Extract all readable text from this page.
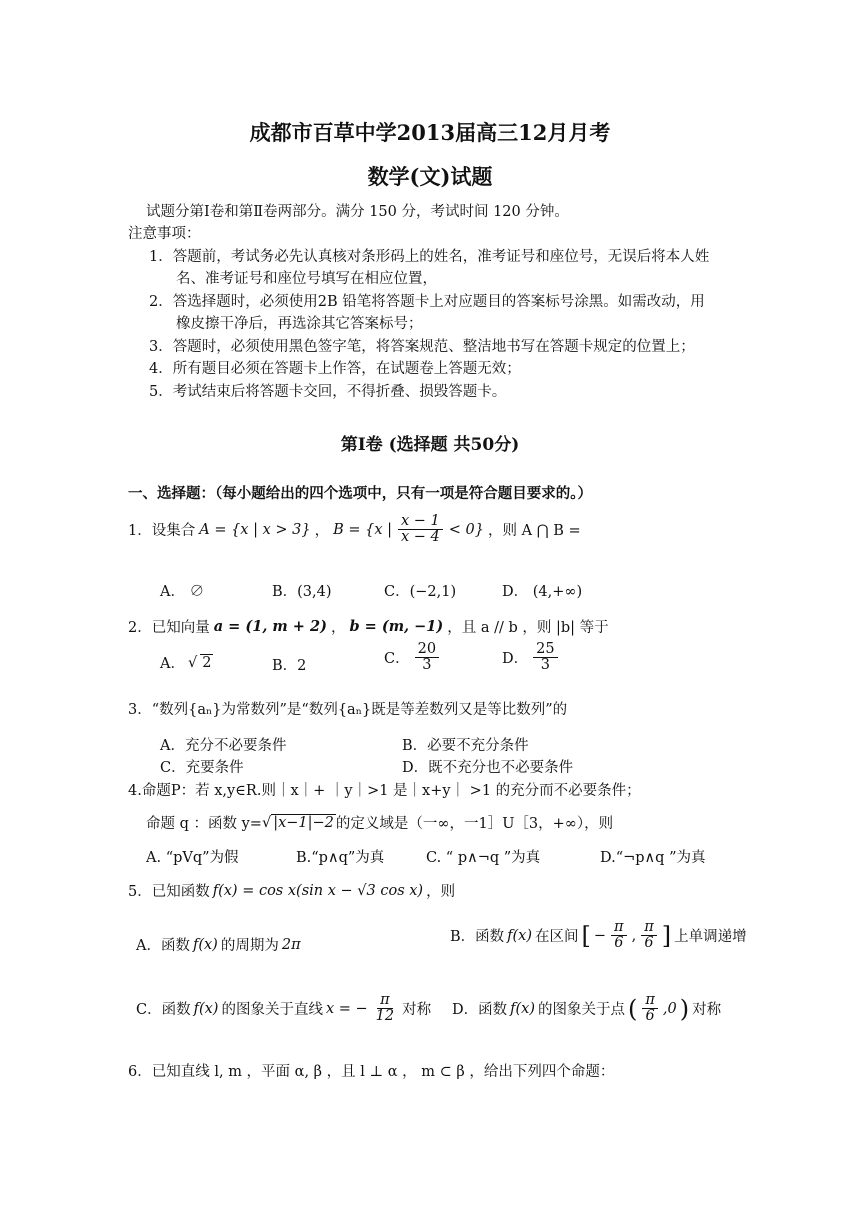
成都市百草中学2013届高三12月月考
数学(文)试题
试题分第Ⅰ卷和第Ⅱ卷两部分。满分 150 分，考试时间 120 分钟。
注意事项：
1．答题前，考试务必先认真核对条形码上的姓名，准考证号和座位号，无误后将本人姓
名、准考证号和座位号填写在相应位置，
2．答选择题时，必须使用2B 铅笔将答题卡上对应题目的答案标号涂黑。如需改动，用
橡皮擦干净后，再选涂其它答案标号；
3．答题时，必须使用黑色签字笔，将答案规范、整洁地书写在答题卡规定的位置上；
4．所有题目必须在答题卡上作答，在试题卷上答题无效；
5．考试结束后将答题卡交回，不得折叠、损毁答题卡。
第Ⅰ卷 (选择题 共50分)
一、选择题：（每小题给出的四个选项中，只有一项是符合题目要求的。）
1．设集合 A = {x | x > 3} ， B = {x | $\frac{x - 1}{x - 4} < 0$} ，则 A ⋂ B =
A． ∅	B．(3,4)	C．(−2,1)	D． (4,+∞)
2．已知向量 a = (1, m + 2) ， b = (m, −1) ，且 a // b ，则 |b| 等于
A． √ 2	B．2	C． $\frac{20}{3}$	D． $\frac{25}{3}$
3．“数列{aₙ}为常数列”是“数列{aₙ}既是等差数列又是等比数列”的
A．充分不必要条件	B．必要不充分条件
C．充要条件	D．既不充分也不必要条件
4.命题P：若 x,y∈R.则｜x｜+ ｜y｜>1 是｜x+y｜ >1 的充分而不必要条件；
命题 q ：函数 y= √ |x−1|−2 的定义域是（一∞，一1］U［3，+∞），则
A. “pVq”为假	B.“p∧q”为真	C. “ p∧¬q ”为真	D.“¬p∧q ”为真
5．已知函数 f(x) = cos x(sin x − √3 cos x) ，则
A．函数 f(x) 的周期为 2π	B．函数 f(x) 在区间 [ − $\frac{\pi}{6}$ , $\frac{\pi}{6}$ ] 上单调递增
C．函数 f(x) 的图象关于直线 x = − $\frac{\pi}{12}$ 对称 D．函数 f(x) 的图象关于点 ( $\frac{\pi}{6} ,0$ ) 对称
6．已知直线 l, m ，平面 α, β ，且 l ⊥ α ， m ⊂ β ，给出下列四个命题：
